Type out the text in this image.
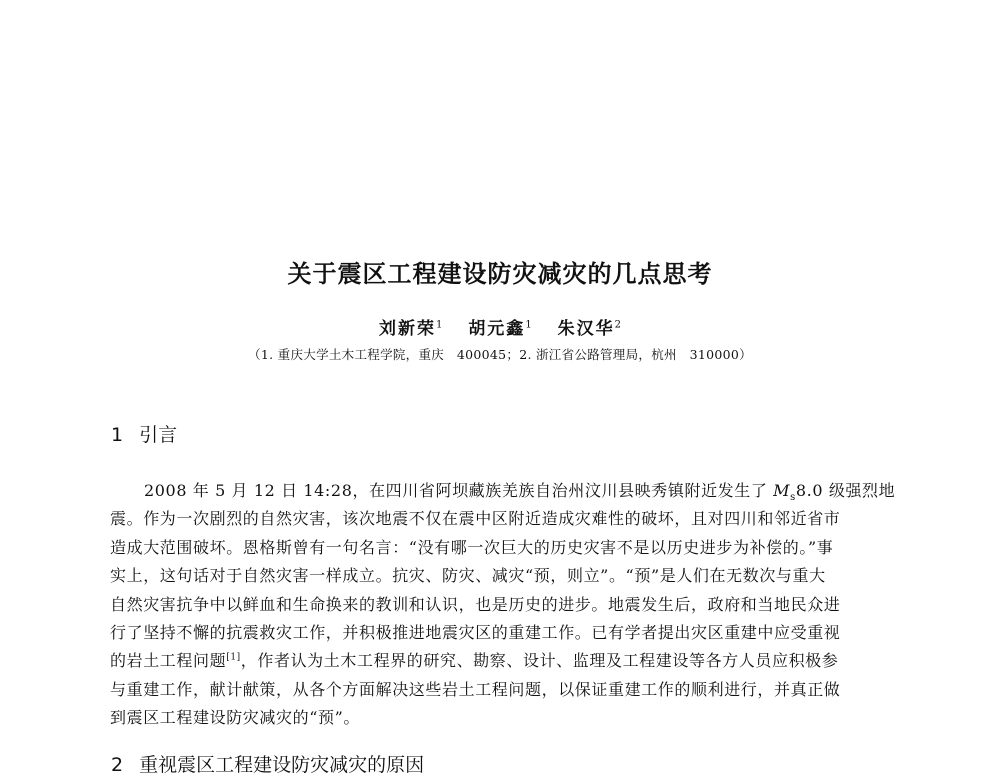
关于震区工程建设防灾减灾的几点思考
刘新荣$^1$ 胡元鑫$^1$ 朱汉华$^2$
（1. 重庆大学土木工程学院，重庆　400045；2. 浙江省公路管理局，杭州　310000）
1 引言
2008 年 5 月 12 日 14:28，在四川省阿坝藏族羌族自治州汶川县映秀镇附近发生了 $M_s8.0$ 级强烈地
震。作为一次剧烈的自然灾害，该次地震不仅在震中区附近造成灾难性的破坏，且对四川和邻近省市
造成大范围破坏。恩格斯曾有一句名言：“没有哪一次巨大的历史灾害不是以历史进步为补偿的。”事
实上，这句话对于自然灾害一样成立。抗灾、防灾、减灾“预，则立”。“预”是人们在无数次与重大
自然灾害抗争中以鲜血和生命换来的教训和认识，也是历史的进步。地震发生后，政府和当地民众进
行了坚持不懈的抗震救灾工作，并积极推进地震灾区的重建工作。已有学者提出灾区重建中应受重视
的岩土工程问题[1]，作者认为土木工程界的研究、勘察、设计、监理及工程建设等各方人员应积极参
与重建工作，献计献策，从各个方面解决这些岩土工程问题，以保证重建工作的顺利进行，并真正做
到震区工程建设防灾减灾的“预”。
2 重视震区工程建设防灾减灾的原因
